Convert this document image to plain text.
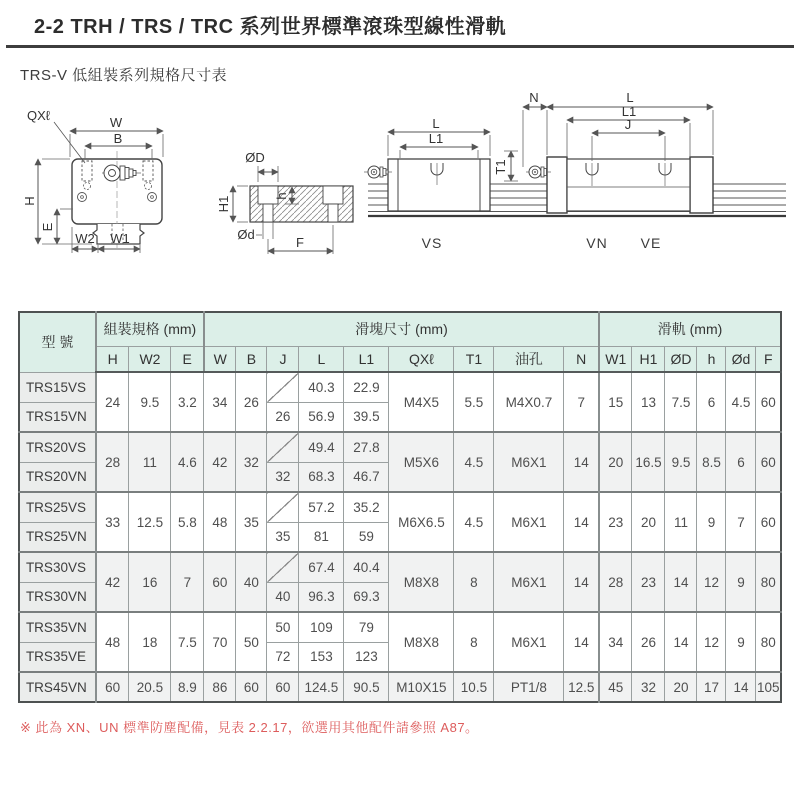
2-2 TRH / TRS / TRC 系列世界標準滾珠型線性滑軌
TRS-V 低組裝系列規格尺寸表
W
B
QXℓ
H
E
W2 W1
ØD
H1	h
Ød
F
L
L1
VS
T1
N	L
L1
J
VN VE
型 號	組裝規格 (mm)			滑塊尺寸 (mm)									滑軌 (mm)					
	H	W2	E	W	B	J	L	L1	QXℓ	T1	油孔	N	W1	H1	ØD	h	Ød	F
TRS15VS	24	9.5	3.2	34	26		40.3	22.9	M4X5	5.5	M4X0.7	7	15	13	7.5	6	4.5	60
TRS15VN						26	56.9	39.5										
TRS20VS	28	11	4.6	42	32		49.4	27.8	M5X6	4.5	M6X1	14	20	16.5	9.5	8.5	6	60
TRS20VN						32	68.3	46.7										
TRS25VS	33	12.5	5.8	48	35		57.2	35.2	M6X6.5	4.5	M6X1	14	23	20	11	9	7	60
TRS25VN						35	81	59										
TRS30VS	42	16	7	60	40		67.4	40.4	M8X8	8	M6X1	14	28	23	14	12	9	80
TRS30VN						40	96.3	69.3										
TRS35VN	48	18	7.5	70	50	50	109	79	M8X8	8	M6X1	14	34	26	14	12	9	80
TRS35VE						72	153	123										
TRS45VN	60	20.5	8.9	86	60	60	124.5	90.5	M10X15	10.5	PT1/8	12.5	45	32	20	17	14	105
※ 此為 XN、UN 標準防塵配備，見表 2.2.17，欲選用其他配件請參照 A87。
